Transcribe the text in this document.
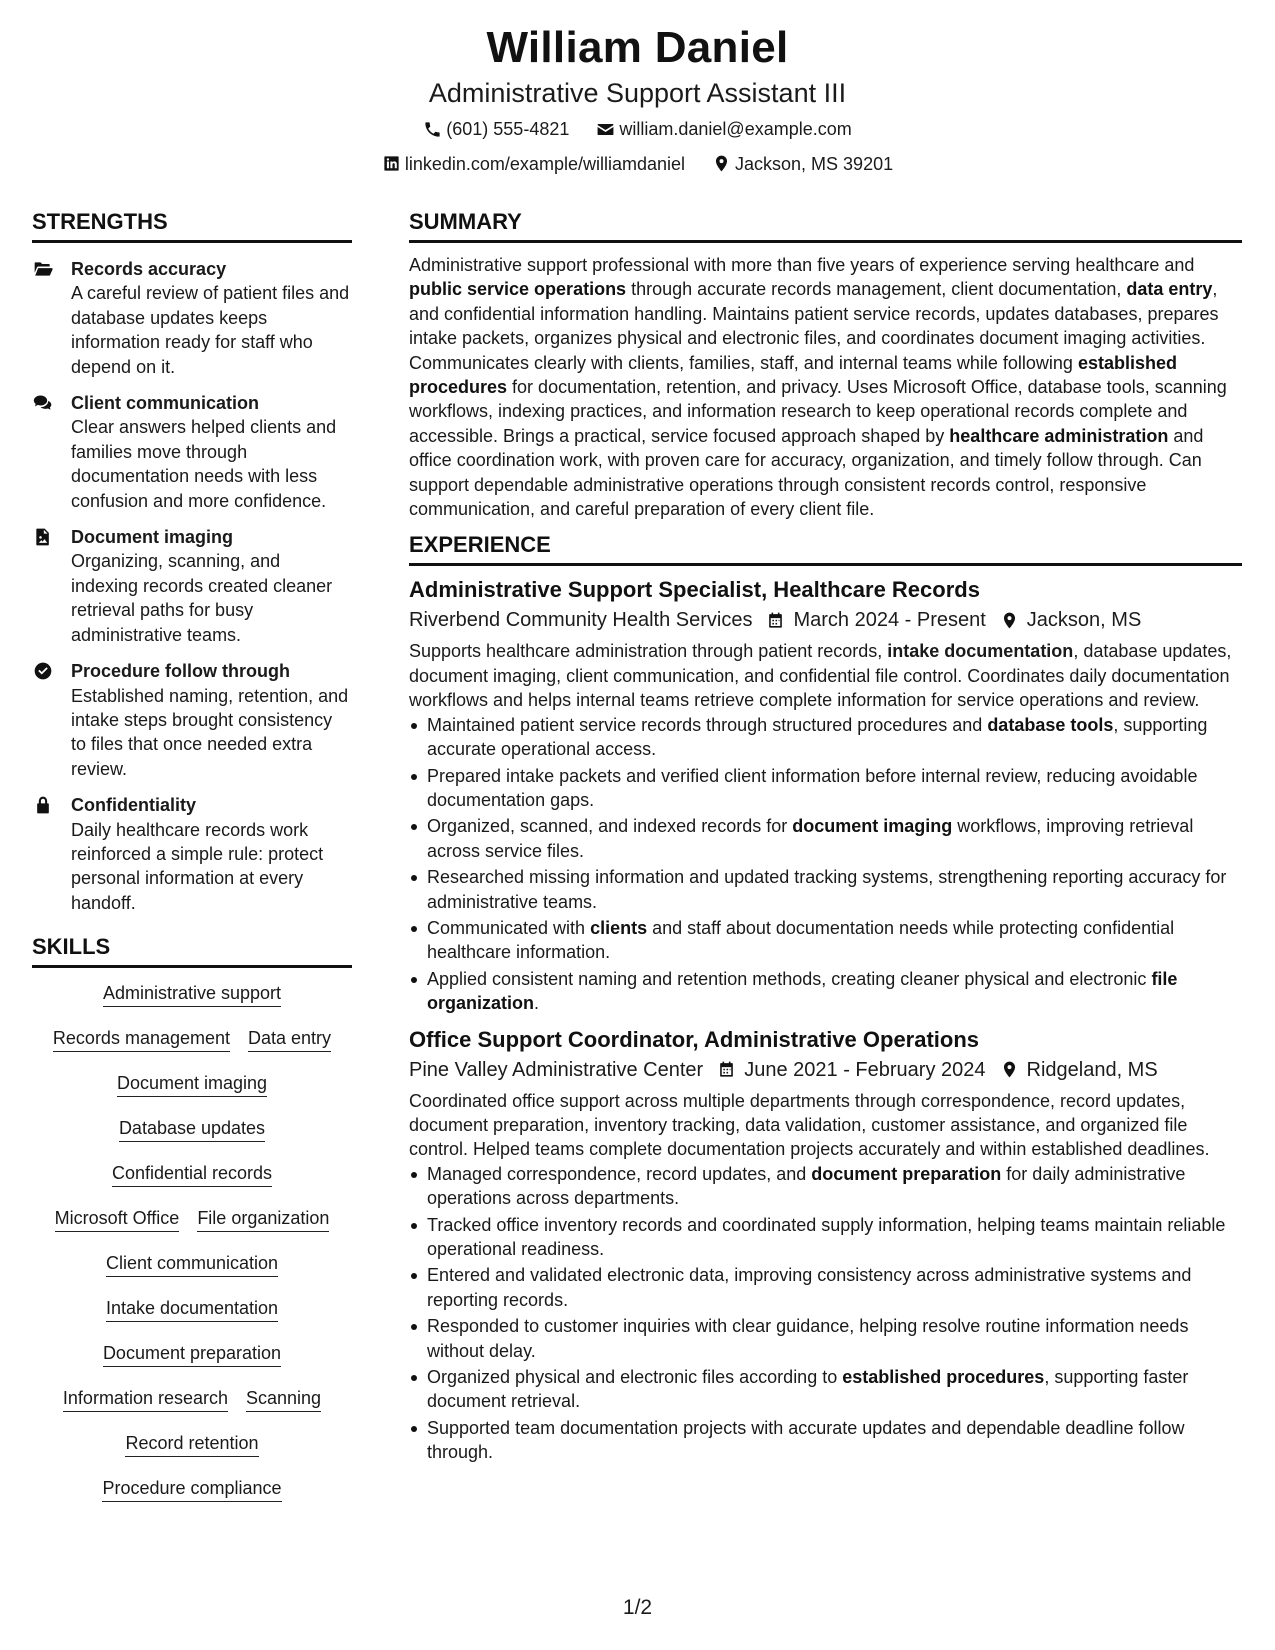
William Daniel
Administrative Support Assistant III
(601) 555-4821
	william.daniel@example.com
linkedin.com/example/williamdaniel
	Jackson, MS 39201
STRENGTHS
Records accuracy
A careful review of patient files and database updates keeps information ready for staff who depend on it.
Client communication
Clear answers helped clients and families move through documentation needs with less confusion and more confidence.
Document imaging
Organizing, scanning, and indexing records created cleaner retrieval paths for busy administrative teams.
Procedure follow through
Established naming, retention, and intake steps brought consistency to files that once needed extra review.
Confidentiality
Daily healthcare records work reinforced a simple rule: protect personal information at every handoff.
SKILLS
Administrative support
Records management Data entry
Document imaging
Database updates
Confidential records
Microsoft Office File organization
Client communication
Intake documentation
Document preparation
Information research Scanning
Record retention
Procedure compliance
SUMMARY
Administrative support professional with more than five years of experience serving healthcare and public service operations through accurate records management, client documentation, data entry, and confidential information handling. Maintains patient service records, updates databases, prepares intake packets, organizes physical and electronic files, and coordinates document imaging activities. Communicates clearly with clients, families, staff, and internal teams while following established procedures for documentation, retention, and privacy. Uses Microsoft Office, database tools, scanning workflows, indexing practices, and information research to keep operational records complete and accessible. Brings a practical, service focused approach shaped by healthcare administration and office coordination work, with proven care for accuracy, organization, and timely follow through. Can support dependable administrative operations through consistent records control, responsive communication, and careful preparation of every client file.
EXPERIENCE
Administrative Support Specialist, Healthcare Records
Riverbend Community Health Services March 2024 - Present Jackson, MS
Supports healthcare administration through patient records, intake documentation, database updates, document imaging, client communication, and confidential file control. Coordinates daily documentation workflows and helps internal teams retrieve complete information for service operations and review.
Maintained patient service records through structured procedures and database tools, supporting accurate operational access.
Prepared intake packets and verified client information before internal review, reducing avoidable documentation gaps.
Organized, scanned, and indexed records for document imaging workflows, improving retrieval across service files.
Researched missing information and updated tracking systems, strengthening reporting accuracy for administrative teams.
Communicated with clients and staff about documentation needs while protecting confidential healthcare information.
Applied consistent naming and retention methods, creating cleaner physical and electronic file organization.
Office Support Coordinator, Administrative Operations
Pine Valley Administrative Center June 2021 - February 2024 Ridgeland, MS
Coordinated office support across multiple departments through correspondence, record updates, document preparation, inventory tracking, data validation, customer assistance, and organized file control. Helped teams complete documentation projects accurately and within established deadlines.
Managed correspondence, record updates, and document preparation for daily administrative operations across departments.
Tracked office inventory records and coordinated supply information, helping teams maintain reliable operational readiness.
Entered and validated electronic data, improving consistency across administrative systems and reporting records.
Responded to customer inquiries with clear guidance, helping resolve routine information needs without delay.
Organized physical and electronic files according to established procedures, supporting faster document retrieval.
Supported team documentation projects with accurate updates and dependable deadline follow through.
1/2
